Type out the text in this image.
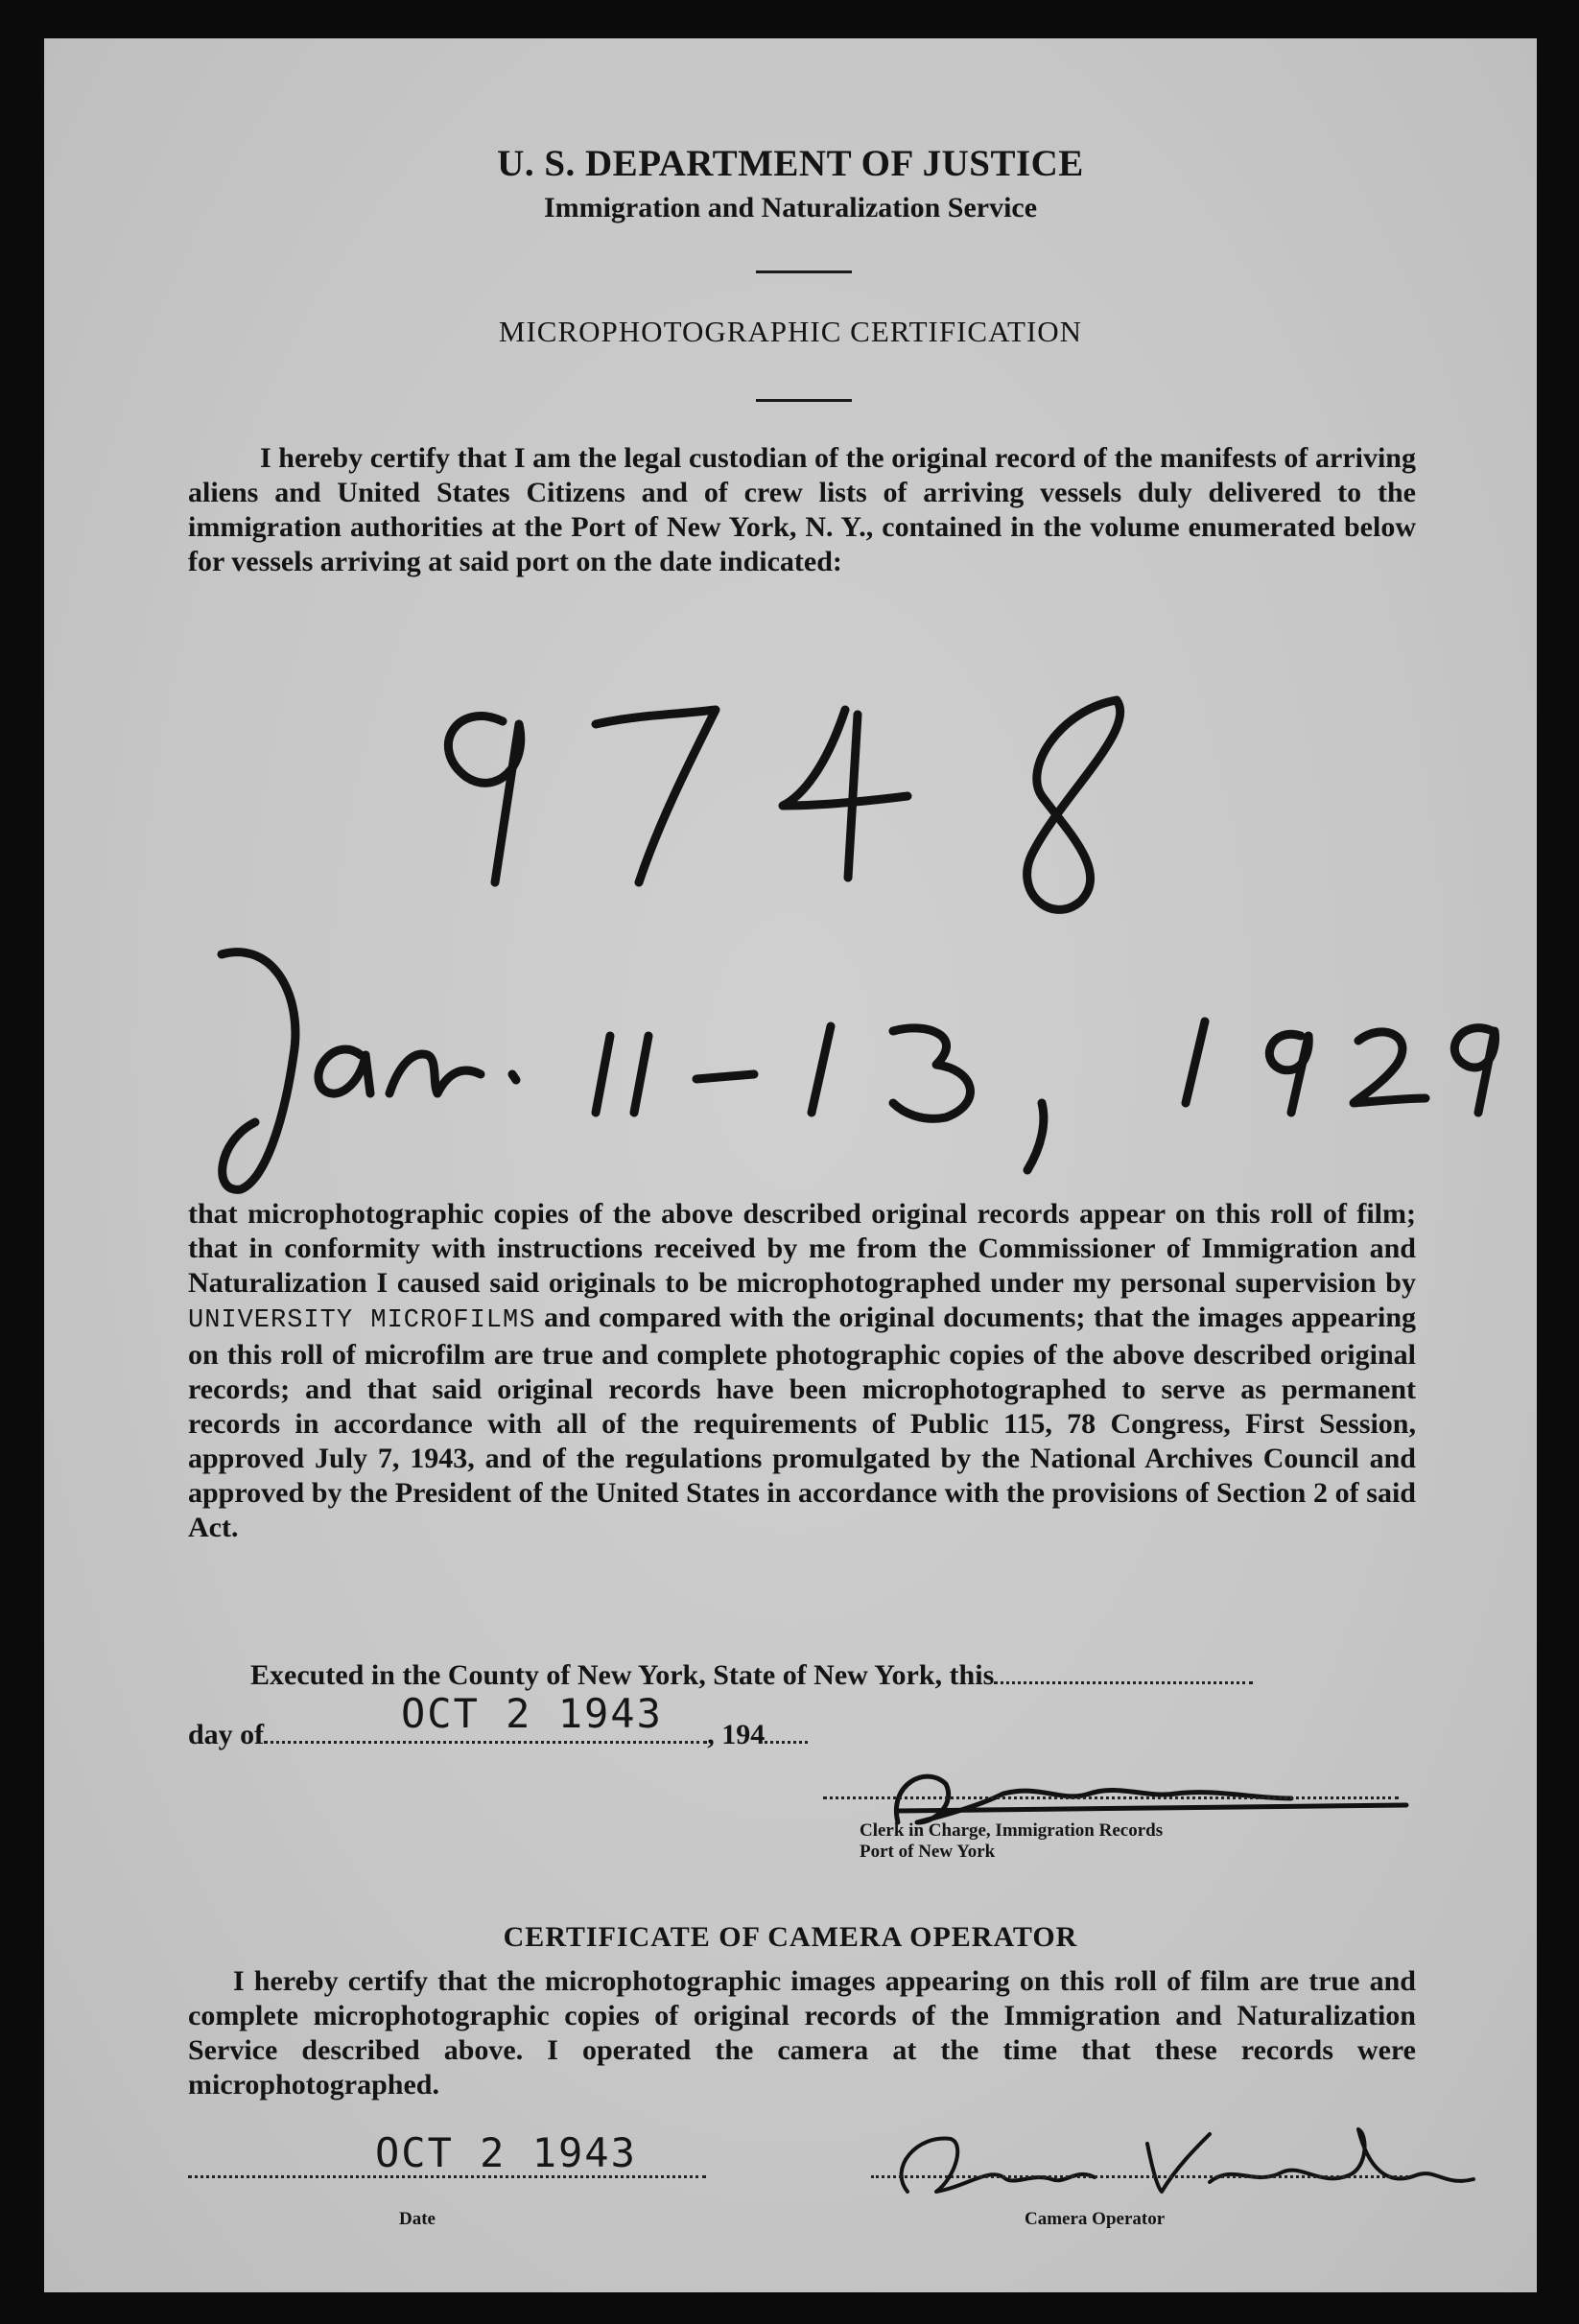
U. S. DEPARTMENT OF JUSTICE
Immigration and Naturalization Service
MICROPHOTOGRAPHIC CERTIFICATION

I hereby certify that I am the legal custodian of the original record of the manifests of arriving aliens and United States Citizens and of crew lists of arriving vessels duly delivered to the immigration authorities at the Port of New York, N. Y., contained in the volume enumerated below for vessels arriving at said port on the date indicated:

that microphotographic copies of the above described original records appear on this roll of film; that in conformity with instructions received by me from the Commissioner of Immigration and Naturalization I caused said originals to be microphotographed under my personal supervision by UNIVERSITY MICROFILMS and compared with the original documents; that the images appearing on this roll of microfilm are true and complete photographic copies of the above described original records; and that said original records have been microphotographed to serve as permanent records in accordance with all of the requirements of Public 115, 78 Congress, First Session, approved July 7, 1943, and of the regulations promulgated by the National Archives Council and approved by the President of the United States in accordance with the provisions of Section 2 of said Act.

Executed in the County of New York, State of New York, this
day of	, 194
OCT 2 1943
Clerk in Charge, Immigration Records
Port of New York
CERTIFICATE OF CAMERA OPERATOR

I hereby certify that the microphotographic images appearing on this roll of film are true and complete microphotographic copies of original records of the Immigration and Naturalization Service described above. I operated the camera at the time that these records were microphotographed.

OCT 2 1943
Date	Camera Operator
